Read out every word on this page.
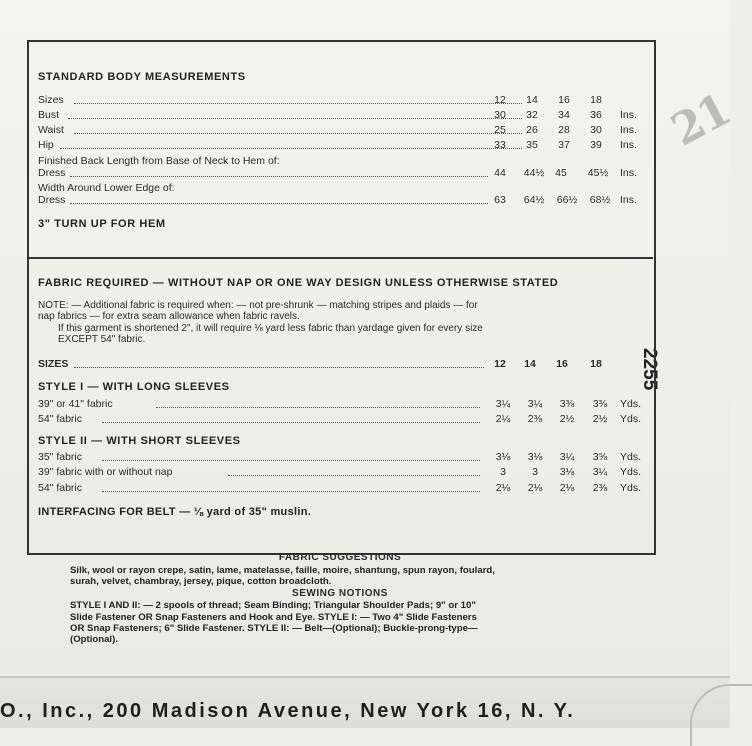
21
2255
STANDARD BODY MEASUREMENTS
Sizes	12	14	16	18
Bust	30	32	34	36	Ins.
Waist	25	26	28	30	Ins.
Hip	33	35	37	39	Ins.
Finished Back Length from Base of Neck to Hem of:
Dress	44	44½	45	45½	Ins.
Width Around Lower Edge of:
Dress	63	64½	66½	68½ Ins.
3" TURN UP FOR HEM
FABRIC REQUIRED — WITHOUT NAP OR ONE WAY DESIGN UNLESS OTHERWISE STATED
NOTE: — Additional fabric is required when: — not pre-shrunk — matching stripes and plaids — for
nap fabrics — for extra seam allowance when fabric ravels.
If this garment is shortened 2", it will require ⅛ yard less fabric than yardage given for every size
EXCEPT 54" fabric.
SIZES	12	14	16	18
STYLE I — WITH LONG SLEEVES
39" or 41" fabric	3¼	3¼	3⅜	3⅜	Yds.
54" fabric	2¼	2⅜	2½	2½	Yds.
STYLE II — WITH SHORT SLEEVES
35" fabric	3⅛	3⅛	3¼	3⅝	Yds.
39" fabric with or without nap	3	3	3⅛	3¼	Yds.
54" fabric	2⅛	2⅛	2⅛	2⅜	Yds.
INTERFACING FOR BELT — ⅛ yard of 35" muslin.
FABRIC SUGGESTIONS
Silk, wool or rayon crepe, satin, lame, matelasse, faille, moire, shantung, spun rayon, foulard,
surah, velvet, chambray, jersey, pique, cotton broadcloth.
SEWING NOTIONS
STYLE I AND II: — 2 spools of thread; Seam Binding; Triangular Shoulder Pads; 9" or 10"
Slide Fastener OR Snap Fasteners and Hook and Eye. STYLE I: — Two 4" Slide Fasteners
OR Snap Fasteners; 6" Slide Fastener. STYLE II: — Belt—(Optional); Buckle-prong-type—
(Optional).
O., Inc., 200 Madison Avenue, New York 16, N. Y.
